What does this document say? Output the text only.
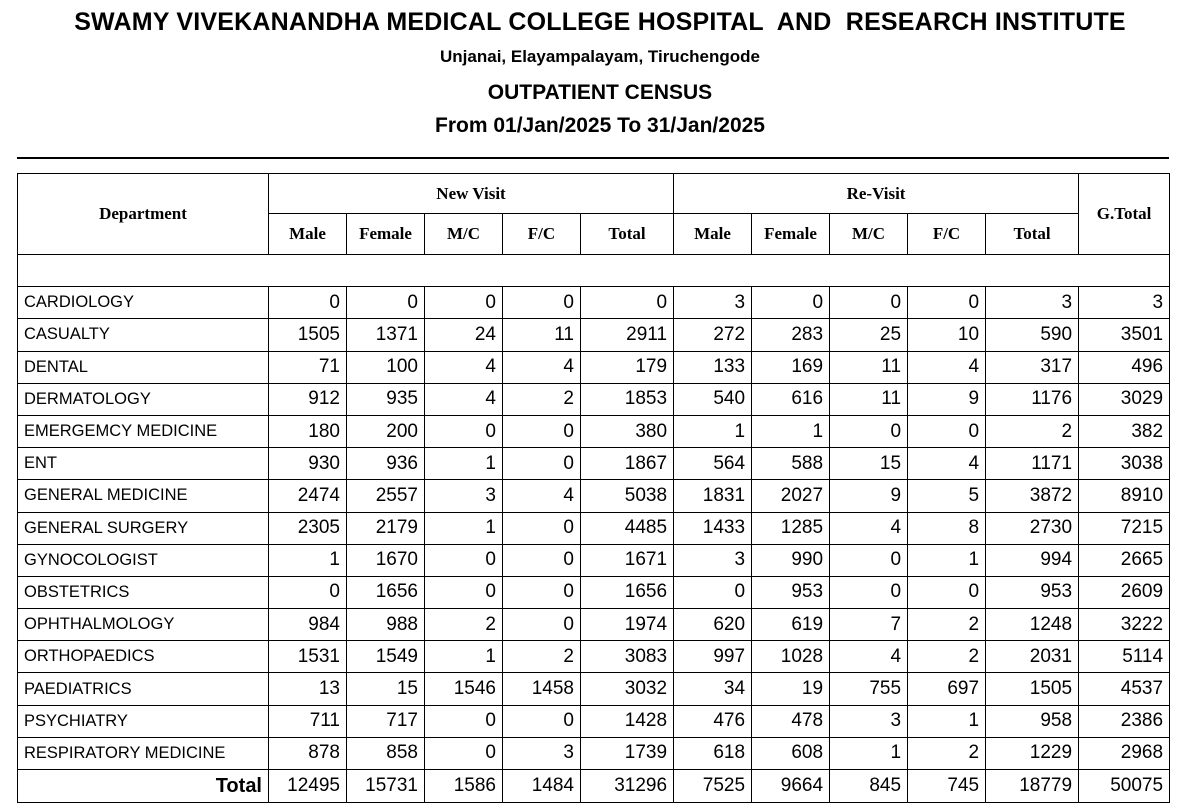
SWAMY VIVEKANANDHA MEDICAL COLLEGE HOSPITAL  AND  RESEARCH INSTITUTE
Unjanai, Elayampalayam, Tiruchengode
OUTPATIENT CENSUS
From 01/Jan/2025 To 31/Jan/2025
Department	New Visit					Re-Visit					G.Total
	Male	Female	M/C	F/C	Total	Male	Female	M/C	F/C	Total	

CARDIOLOGY	0	0	0	0	0	3	0	0	0	3	3
CASUALTY	1505	1371	24	11	2911	272	283	25	10	590	3501
DENTAL	71	100	4	4	179	133	169	11	4	317	496
DERMATOLOGY	912	935	4	2	1853	540	616	11	9	1176	3029
EMERGEMCY MEDICINE	180	200	0	0	380	1	1	0	0	2	382
ENT	930	936	1	0	1867	564	588	15	4	1171	3038
GENERAL MEDICINE	2474	2557	3	4	5038	1831	2027	9	5	3872	8910
GENERAL SURGERY	2305	2179	1	0	4485	1433	1285	4	8	2730	7215
GYNOCOLOGIST	1	1670	0	0	1671	3	990	0	1	994	2665
OBSTETRICS	0	1656	0	0	1656	0	953	0	0	953	2609
OPHTHALMOLOGY	984	988	2	0	1974	620	619	7	2	1248	3222
ORTHOPAEDICS	1531	1549	1	2	3083	997	1028	4	2	2031	5114
PAEDIATRICS	13	15	1546	1458	3032	34	19	755	697	1505	4537
PSYCHIATRY	711	717	0	0	1428	476	478	3	1	958	2386
RESPIRATORY MEDICINE	878	858	0	3	1739	618	608	1	2	1229	2968
Total	12495	15731	1586	1484	31296	7525	9664	845	745	18779	50075
